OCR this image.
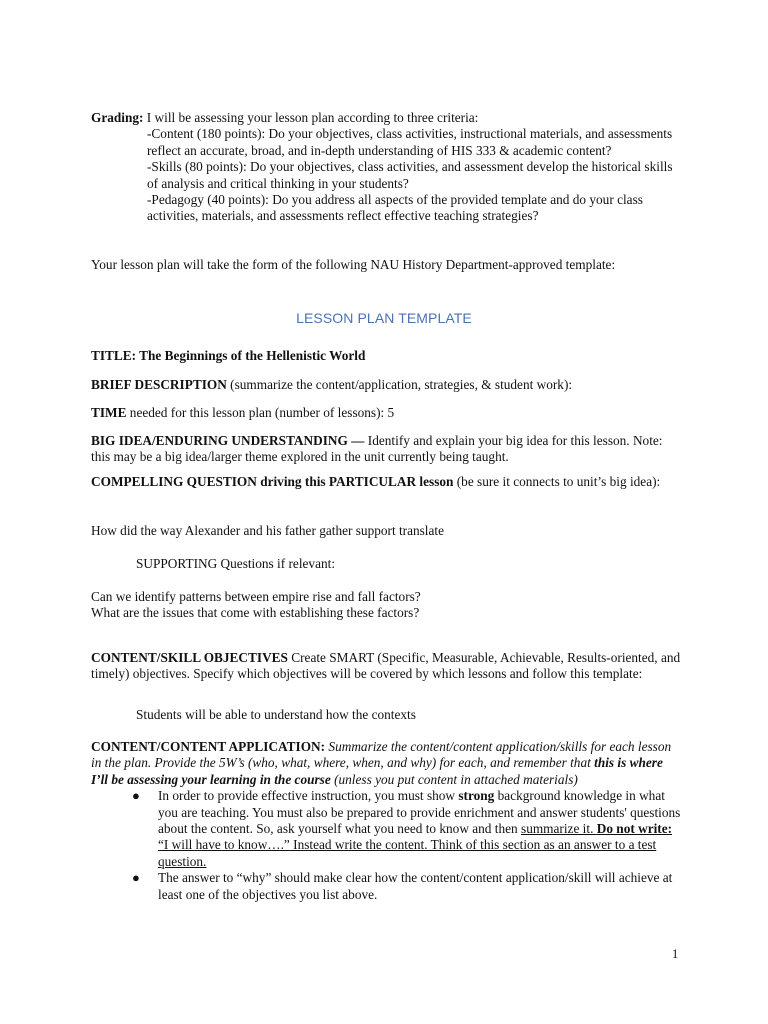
Grading: I will be assessing your lesson plan according to three criteria:

-Content (180 points): Do your objectives, class activities, instructional materials, and assessments reflect an accurate, broad, and in-depth understanding of HIS 333 & academic content?

-Skills (80 points): Do your objectives, class activities, and assessment develop the historical skills of analysis and critical thinking in your students?

-Pedagogy (40 points): Do you address all aspects of the provided template and do your class activities, materials, and assessments reflect effective teaching strategies?

Your lesson plan will take the form of the following NAU History Department-approved template:

LESSON PLAN TEMPLATE

TITLE: The Beginnings of the Hellenistic World

BRIEF DESCRIPTION (summarize the content/application, strategies, & student work):

TIME needed for this lesson plan (number of lessons): 5

BIG IDEA/ENDURING UNDERSTANDING — Identify and explain your big idea for this lesson. Note: this may be a big idea/larger theme explored in the unit currently being taught.

COMPELLING QUESTION driving this PARTICULAR lesson (be sure it connects to unit’s big idea):

How did the way Alexander and his father gather support translate

SUPPORTING Questions if relevant:

Can we identify patterns between empire rise and fall factors?

What are the issues that come with establishing these factors?

CONTENT/SKILL OBJECTIVES Create SMART (Specific, Measurable, Achievable, Results-oriented, and timely) objectives. Specify which objectives will be covered by which lessons and follow this template:

Students will be able to understand how the contexts

CONTENT/CONTENT APPLICATION: Summarize the content/content application/skills for each lesson in the plan. Provide the 5W’s (who, what, where, when, and why) for each, and remember that this is where I’ll be assessing your learning in the course (unless you put content in attached materials)

● In order to provide effective instruction, you must show strong background knowledge in what you are teaching. You must also be prepared to provide enrichment and answer students' questions about the content. So, ask yourself what you need to know and then summarize it. Do not write: “I will have to know….” Instead write the content. Think of this section as an answer to a test question.
● The answer to “why” should make clear how the content/content application/skill will achieve at least one of the objectives you list above.
1
